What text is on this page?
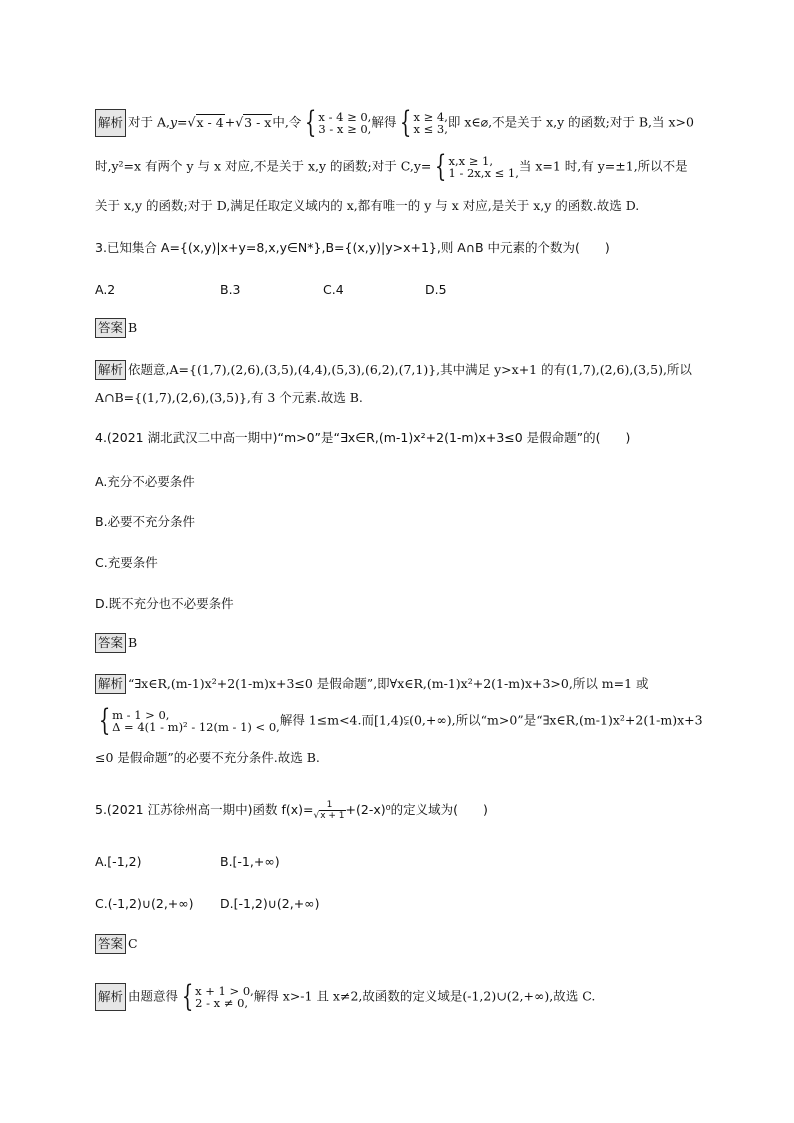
解析 对于 A,y=√x - 4+√3 - x中,令 { x - 4 ≥ 0,
3 - x ≥ 0, 解得 { x ≥ 4,
x ≤ 3, 即 x∈⌀,不是关于 x,y 的函数;对于 B,当 x>0
时,y²=x 有两个 y 与 x 对应,不是关于 x,y 的函数;对于 C,y= { x,x ≥ 1,
1 - 2x,x ≤ 1, 当 x=1 时,有 y=±1,所以不是
关于 x,y 的函数;对于 D,满足任取定义域内的 x,都有唯一的 y 与 x 对应,是关于 x,y 的函数.故选 D.
3.已知集合 A={(x,y)|x+y=8,x,y∈N*},B={(x,y)|y>x+1},则 A∩B 中元素的个数为(　　)
A.2	B.3	C.4	D.5
答案 B
解析 依题意,A={(1,7),(2,6),(3,5),(4,4),(5,3),(6,2),(7,1)},其中满足 y>x+1 的有(1,7),(2,6),(3,5),所以
A∩B={(1,7),(2,6),(3,5)},有 3 个元素.故选 B.
4.(2021 湖北武汉二中高一期中)“m>0”是“∃x∈R,(m-1)x²+2(1-m)x+3≤0 是假命题”的(　　)
A.充分不必要条件
B.必要不充分条件
C.充要条件
D.既不充分也不必要条件
答案 B
解析 “∃x∈R,(m-1)x²+2(1-m)x+3≤0 是假命题”,即∀x∈R,(m-1)x²+2(1-m)x+3>0,所以 m=1 或
{ m - 1 > 0,
Δ = 4(1 - m)² - 12(m - 1) < 0, 解得 1≤m<4.而[1,4)⫋(0,+∞),所以“m>0”是“∃x∈R,(m-1)x²+2(1-m)x+3
≤0 是假命题”的必要不充分条件.故选 B.
5.(2021 江苏徐州高一期中)函数 $f(x)= \frac{1}{√x + 1} +(2-x)^0$的定义域为(　　)
A.[-1,2)	B.[-1,+∞)
C.(-1,2)∪(2,+∞) D.[-1,2)∪(2,+∞)
答案 C
解析 由题意得 { x + 1 > 0,
2 - x ≠ 0, 解得 x>-1 且 x≠2,故函数的定义域是(-1,2)∪(2,+∞),故选 C.
